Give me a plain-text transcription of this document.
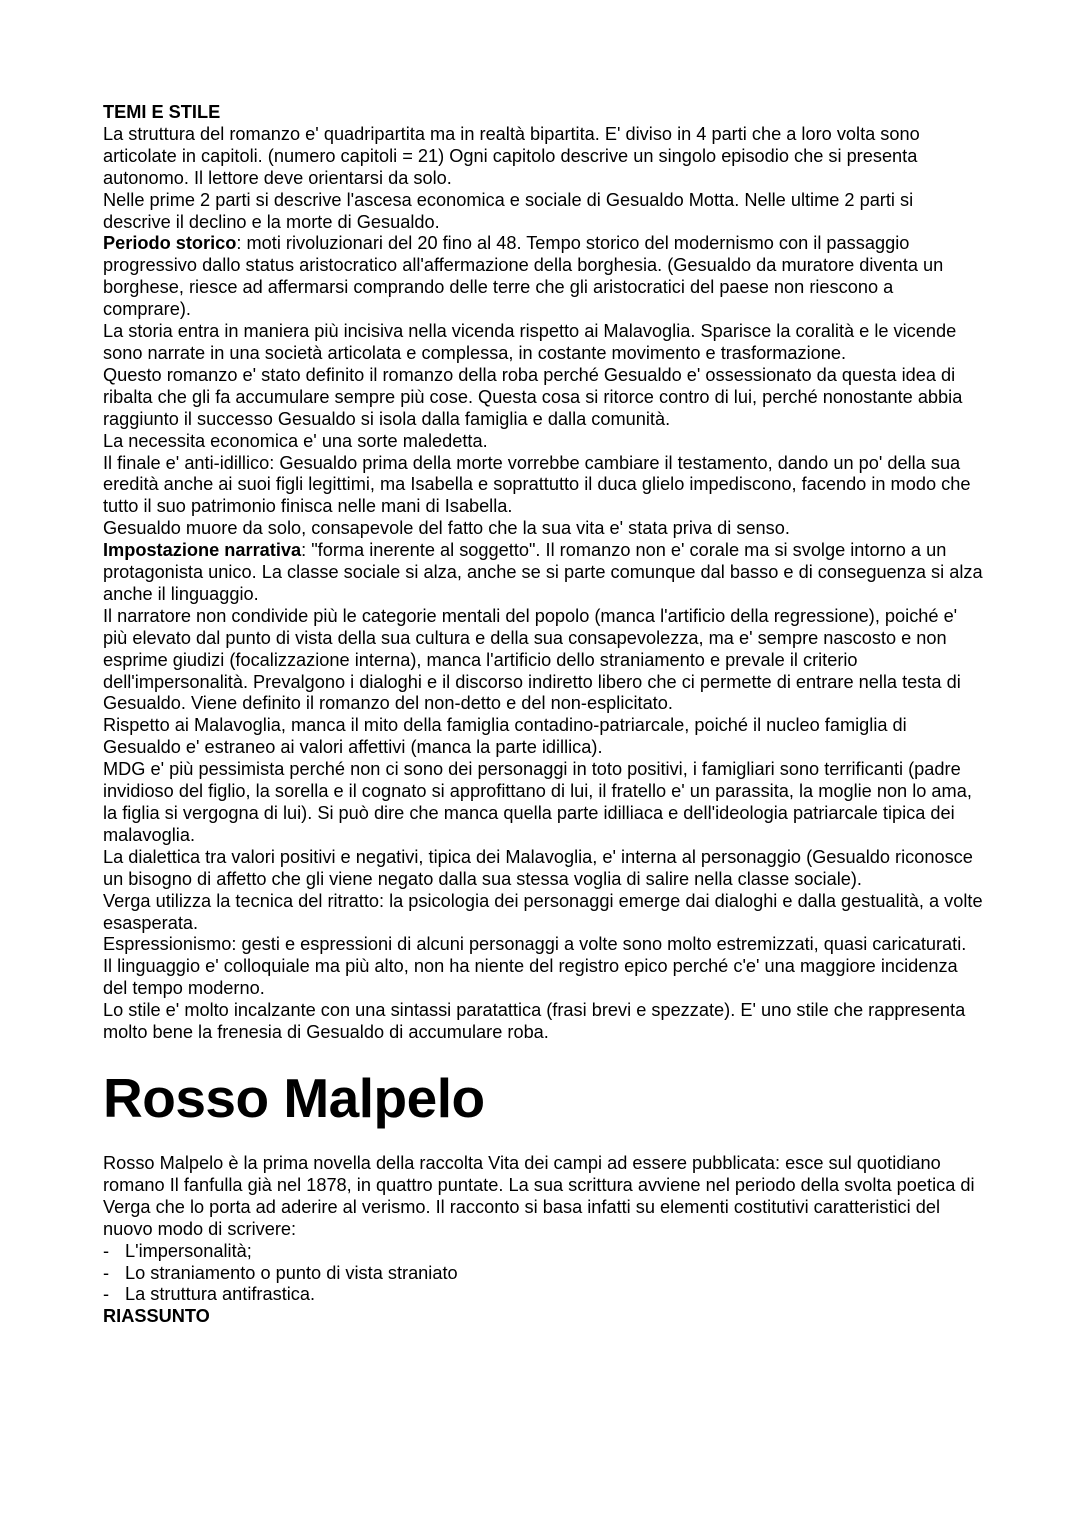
TEMI E STILE

La struttura del romanzo e' quadripartita ma in realtà bipartita. E' diviso in 4 parti che a loro volta sono articolate in capitoli. (numero capitoli = 21) Ogni capitolo descrive un singolo episodio che si presenta autonomo. Il lettore deve orientarsi da solo.

Nelle prime 2 parti si descrive l'ascesa economica e sociale di Gesualdo Motta. Nelle ultime 2 parti si descrive il declino e la morte di Gesualdo.

Periodo storico: moti rivoluzionari del 20 fino al 48. Tempo storico del modernismo con il passaggio progressivo dallo status aristocratico all'affermazione della borghesia. (Gesualdo da muratore diventa un borghese, riesce ad affermarsi comprando delle terre che gli aristocratici del paese non riescono a comprare).

La storia entra in maniera più incisiva nella vicenda rispetto ai Malavoglia. Sparisce la coralità e le vicende sono narrate in una società articolata e complessa, in costante movimento e trasformazione.

Questo romanzo e' stato definito il romanzo della roba perché Gesualdo e' ossessionato da questa idea di ribalta che gli fa accumulare sempre più cose. Questa cosa si ritorce contro di lui, perché nonostante abbia raggiunto il successo Gesualdo si isola dalla famiglia e dalla comunità.

La necessita economica e' una sorte maledetta.

Il finale e' anti-idillico: Gesualdo prima della morte vorrebbe cambiare il testamento, dando un po' della sua eredità anche ai suoi figli legittimi, ma Isabella e soprattutto il duca glielo impediscono, facendo in modo che tutto il suo patrimonio finisca nelle mani di Isabella.

Gesualdo muore da solo, consapevole del fatto che la sua vita e' stata priva di senso.

Impostazione narrativa: "forma inerente al soggetto". Il romanzo non e' corale ma si svolge intorno a un protagonista unico. La classe sociale si alza, anche se si parte comunque dal basso e di conseguenza si alza anche il linguaggio.

Il narratore non condivide più le categorie mentali del popolo (manca l'artificio della regressione), poiché e' più elevato dal punto di vista della sua cultura e della sua consapevolezza, ma e' sempre nascosto e non esprime giudizi (focalizzazione interna), manca l'artificio dello straniamento e prevale il criterio dell'impersonalità. Prevalgono i dialoghi e il discorso indiretto libero che ci permette di entrare nella testa di Gesualdo. Viene definito il romanzo del non-detto e del non-esplicitato.

Rispetto ai Malavoglia, manca il mito della famiglia contadino-patriarcale, poiché il nucleo famiglia di Gesualdo e' estraneo ai valori affettivi (manca la parte idillica).

MDG e' più pessimista perché non ci sono dei personaggi in toto positivi, i famigliari sono terrificanti (padre invidioso del figlio, la sorella e il cognato si approfittano di lui, il fratello e' un parassita, la moglie non lo ama, la figlia si vergogna di lui). Si può dire che manca quella parte idilliaca e dell'ideologia patriarcale tipica dei malavoglia.

La dialettica tra valori positivi e negativi, tipica dei Malavoglia, e' interna al personaggio (Gesualdo riconosce un bisogno di affetto che gli viene negato dalla sua stessa voglia di salire nella classe sociale).

Verga utilizza la tecnica del ritratto: la psicologia dei personaggi emerge dai dialoghi e dalla gestualità, a volte esasperata.

Espressionismo: gesti e espressioni di alcuni personaggi a volte sono molto estremizzati, quasi caricaturati.

Il linguaggio e' colloquiale ma più alto, non ha niente del registro epico perché c'e' una maggiore incidenza del tempo moderno.

Lo stile e' molto incalzante con una sintassi paratattica (frasi brevi e spezzate). E' uno stile che rappresenta molto bene la frenesia di Gesualdo di accumulare roba.

Rosso Malpelo

Rosso Malpelo è la prima novella della raccolta Vita dei campi ad essere pubblicata: esce sul quotidiano romano Il fanfulla già nel 1878, in quattro puntate. La sua scrittura avviene nel periodo della svolta poetica di Verga che lo porta ad aderire al verismo. Il racconto si basa infatti su elementi costitutivi caratteristici del nuovo modo di scrivere:

- L'impersonalità;
- Lo straniamento o punto di vista straniato
- La struttura antifrastica.

RIASSUNTO
